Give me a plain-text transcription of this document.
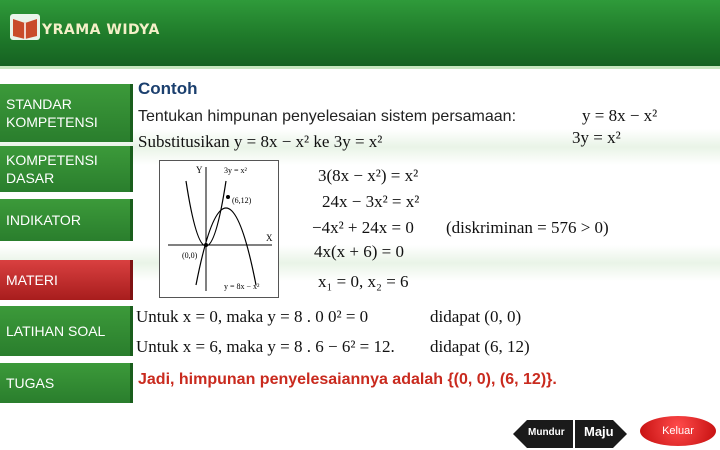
YRAMA WIDYA
STANDAR KOMPETENSI
KOMPETENSI DASAR
INDIKATOR
MATERI
LATIHAN SOAL
TUGAS
Contoh
Tentukan himpunan penyelesaian sistem persamaan:	y = 8x − x²
3y = x²
Substitusikan y = 8x − x² ke 3y = x²
Y
X
(0,0)
(6,12)
3y = x²
y = 8x − x²
3(8x − x²) = x²
24x − 3x² = x²
−4x² + 24x = 0 (diskriminan = 576 > 0)
4x(x + 6) = 0
x₁ = 0, x₂ = 6
Untuk x = 0, maka y = 8 . 0 0² = 0	didapat (0, 0)
Untuk x = 6, maka y = 8 . 6 − 6² = 12. didapat (6, 12)
Jadi, himpunan penyelesaiannya adalah {(0, 0), (6, 12)}.
Mundur Maju	Keluar
